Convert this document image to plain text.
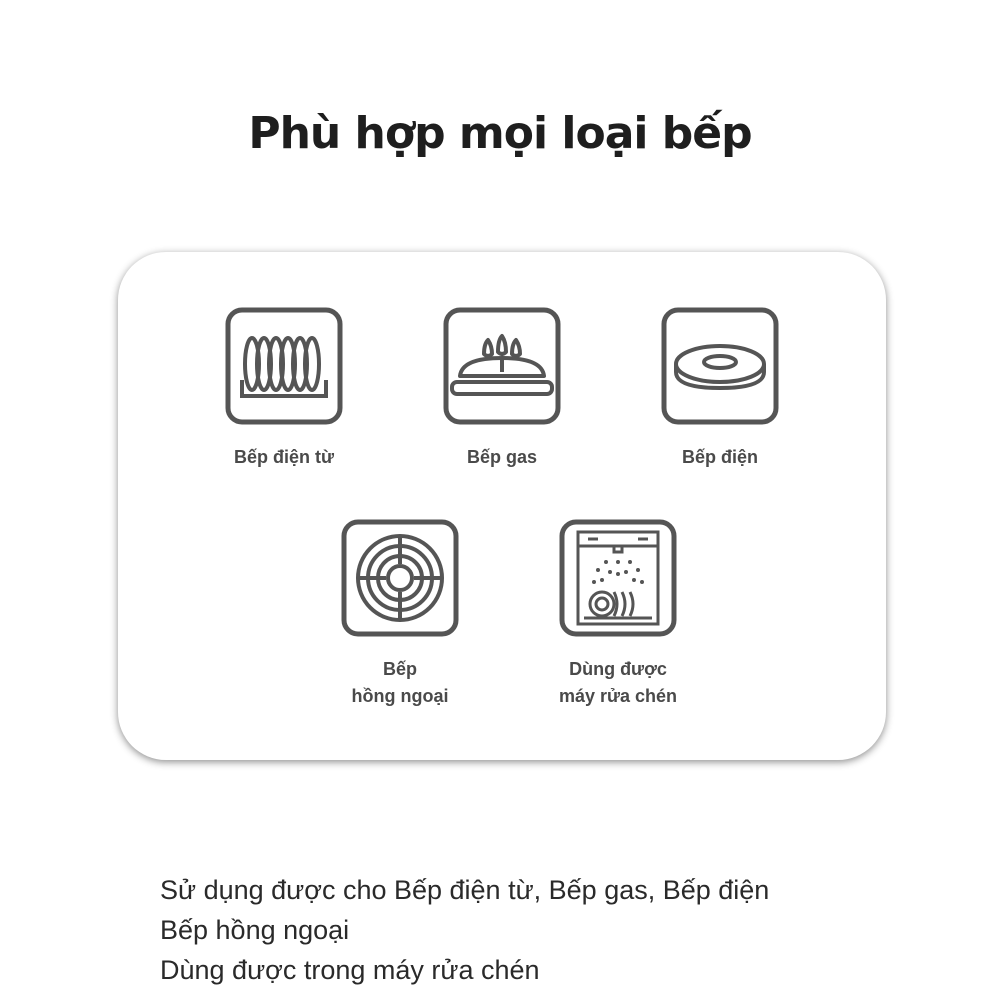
Phù hợp mọi loại bếp
Bếp điện từ	Bếp gas	Bếp điện
Bếp
hồng ngoại
Dùng được
máy rửa chén
Sử dụng được cho Bếp điện từ, Bếp gas, Bếp điện
Bếp hồng ngoại
Dùng được trong máy rửa chén
